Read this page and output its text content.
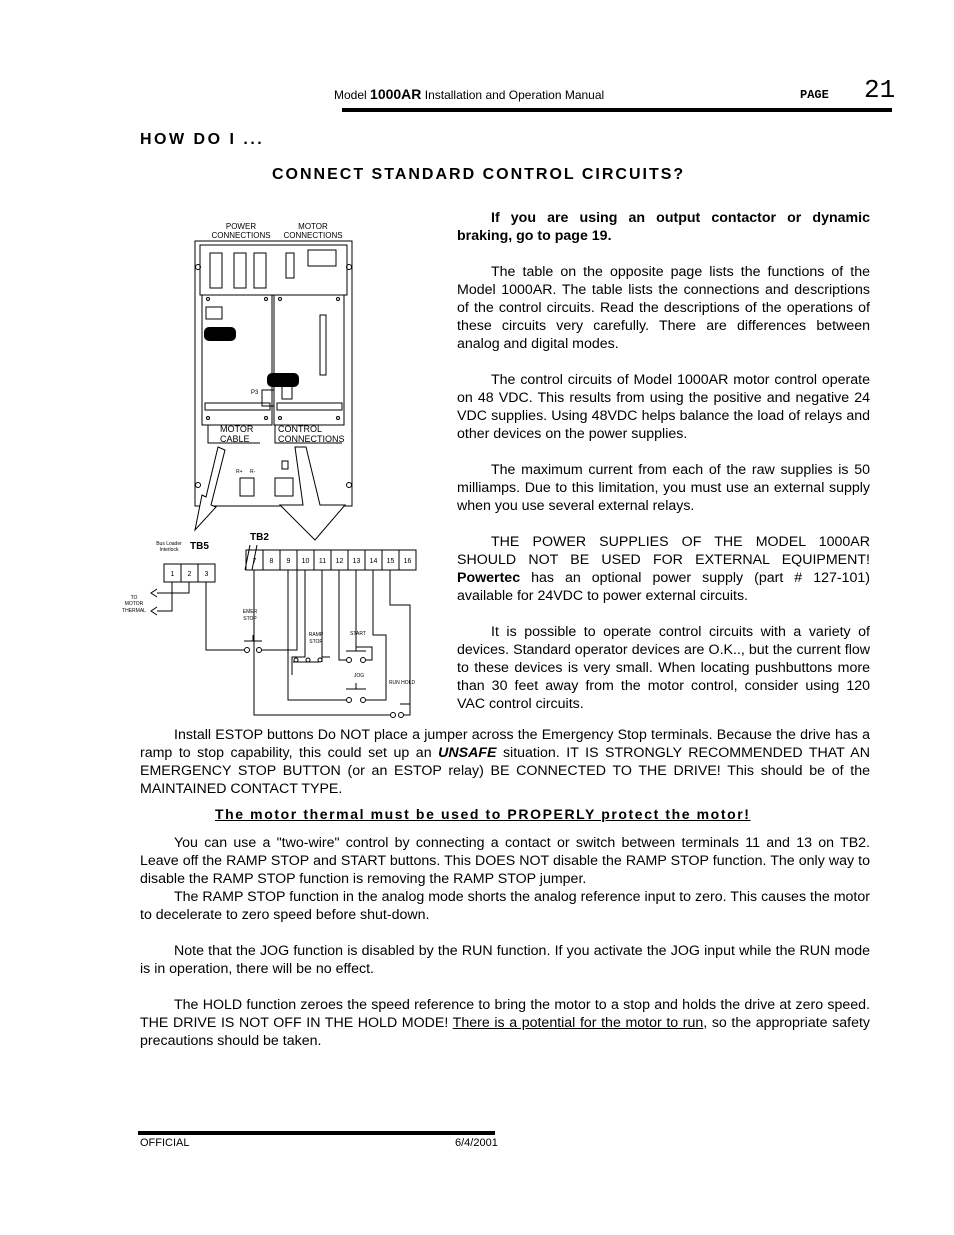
Model 1000AR Installation and Operation Manual	PAGE 21
HOW DO I ...
CONNECT STANDARD CONTROL CIRCUITS?
POWER
CONNECTIONS
MOTOR
CONNECTIONS
MOTOR
CABLE
CONTROL
CONNECTIONS
P3
R+ R-
TB2
TB5
Bus Loader
Interlock
1 2 3
7 8 9 10 11 12 13 14 15 16
TO
MOTOR
THERMAL	EMER
STOP
RAMP
STOP
START
JOG
RUN HOLD

If you are using an output contactor or dynamic braking, go to page 19.

The table on the opposite page lists the functions of the Model 1000AR. The table lists the connections and descriptions of the control circuits. Read the descriptions of the operations of these circuits very carefully. There are differences between analog and digital modes.

The control circuits of Model 1000AR motor control operate on 48 VDC. This results from using the positive and negative 24 VDC supplies. Using 48VDC helps balance the load of relays and other devices on the power supplies.

The maximum current from each of the raw supplies is 50 milliamps. Due to this limitation, you must use an external supply when you use several external relays.

THE POWER SUPPLIES OF THE MODEL 1000AR SHOULD NOT BE USED FOR EXTERNAL EQUIPMENT! Powertec has an optional power supply (part # 127-101) available for 24VDC to power external circuits.

It is possible to operate control circuits with a variety of devices. Standard operator devices are O.K.., but the current flow to these devices is very small. When locating pushbuttons more than 30 feet away from the motor control, consider using 120 VAC control circuits.

Install ESTOP buttons Do NOT place a jumper across the Emergency Stop terminals. Because the drive has a ramp to stop capability, this could set up an UNSAFE situation. IT IS STRONGLY RECOMMENDED THAT AN EMERGENCY STOP BUTTON (or an ESTOP relay) BE CONNECTED TO THE DRIVE! This should be of the MAINTAINED CONTACT TYPE.

The motor thermal must be used to PROPERLY protect the motor!

You can use a "two-wire" control by connecting a contact or switch between terminals 11 and 13 on TB2. Leave off the RAMP STOP and START buttons. This DOES NOT disable the RAMP STOP function. The only way to disable the RAMP STOP function is removing the RAMP STOP jumper.

The RAMP STOP function in the analog mode shorts the analog reference input to zero. This causes the motor to decelerate to zero speed before shut-down.

Note that the JOG function is disabled by the RUN function. If you activate the JOG input while the RUN mode is in operation, there will be no effect.

The HOLD function zeroes the speed reference to bring the motor to a stop and holds the drive at zero speed. THE DRIVE IS NOT OFF IN THE HOLD MODE! There is a potential for the motor to run, so the appropriate safety precautions should be taken.

OFFICIAL	6/4/2001
